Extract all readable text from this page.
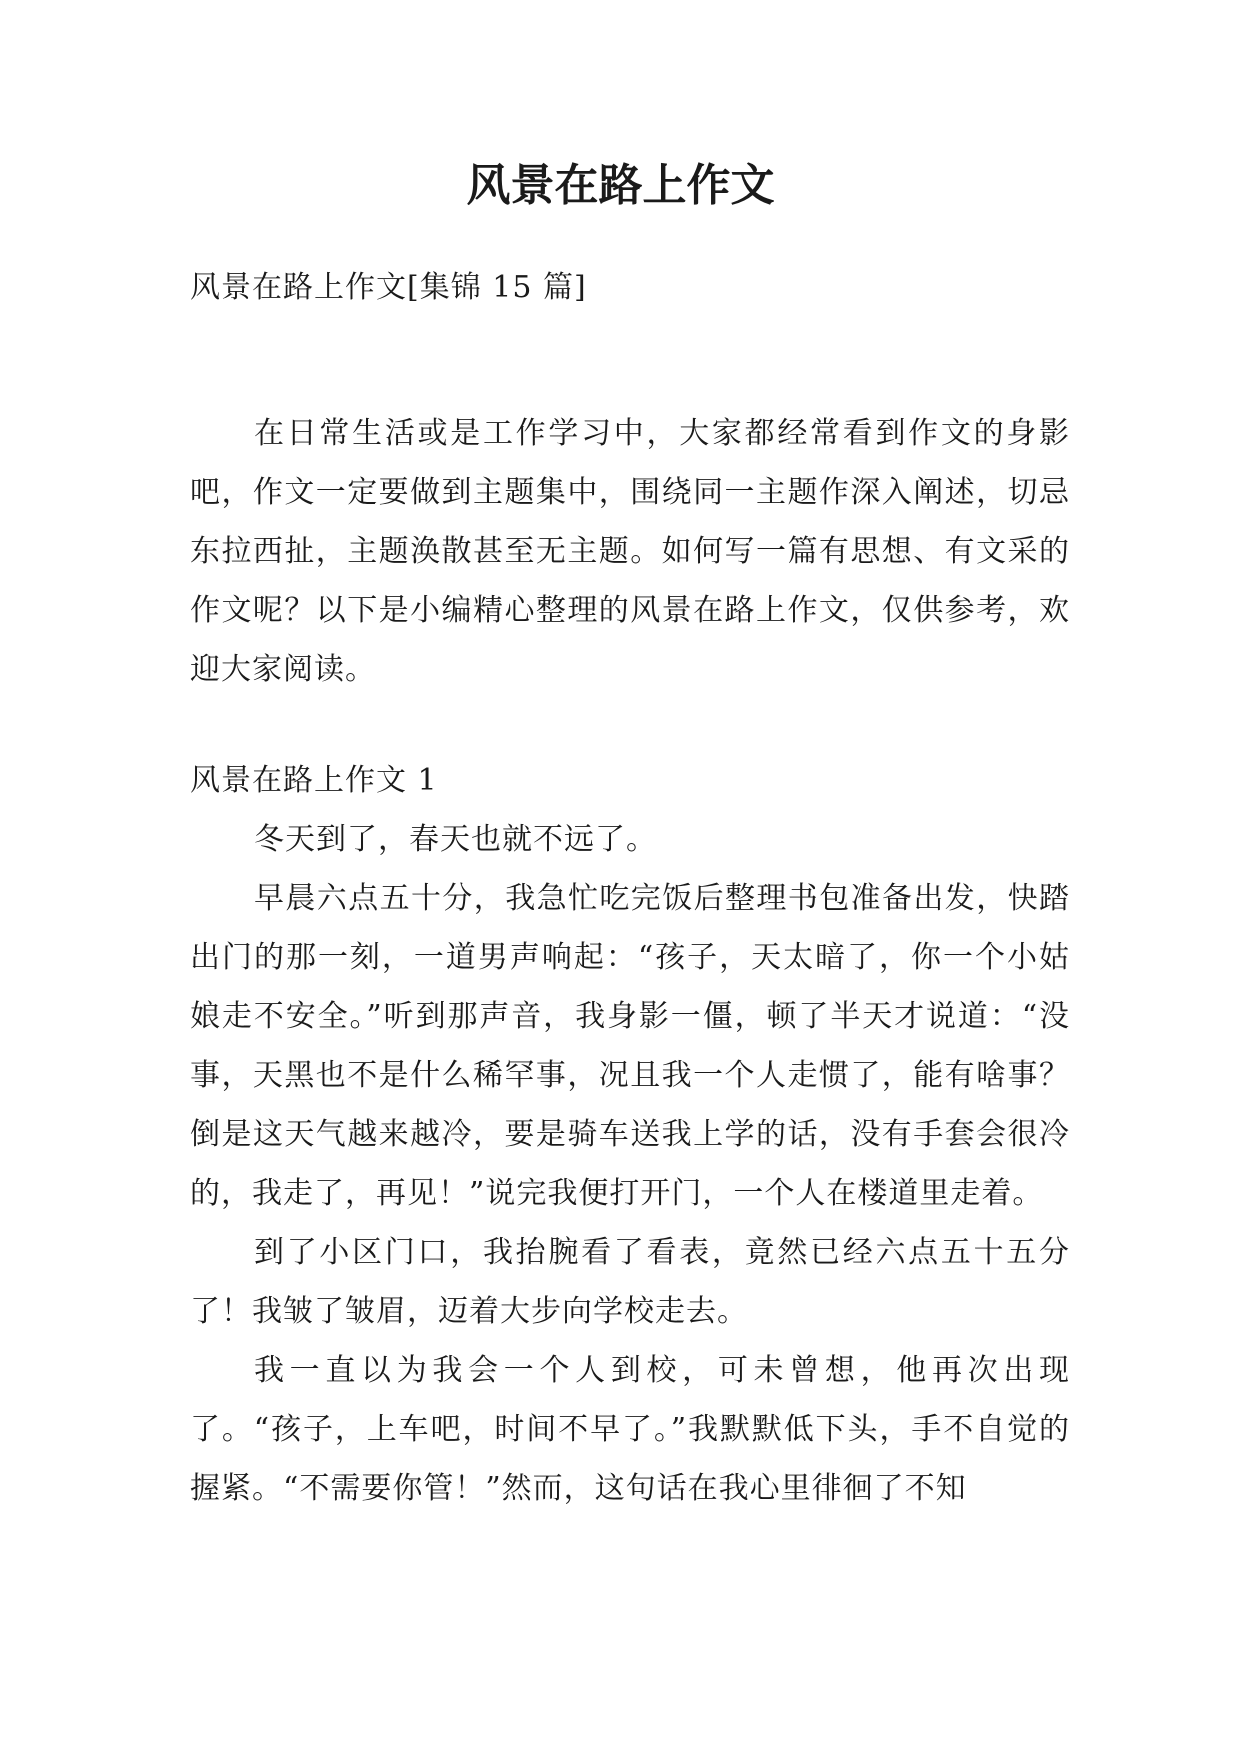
风景在路上作文

风景在路上作文[集锦 15 篇]

在日常生活或是工作学习中，大家都经常看到作文的身影吧，作文一定要做到主题集中，围绕同一主题作深入阐述，切忌东拉西扯，主题涣散甚至无主题。如何写一篇有思想、有文采的作文呢？以下是小编精心整理的风景在路上作文，仅供参考，欢迎大家阅读。

风景在路上作文 1

冬天到了，春天也就不远了。

早晨六点五十分，我急忙吃完饭后整理书包准备出发，快踏出门的那一刻，一道男声响起：“孩子，天太暗了，你一个小姑娘走不安全。”听到那声音，我身影一僵，顿了半天才说道：“没事，天黑也不是什么稀罕事，况且我一个人走惯了，能有啥事？倒是这天气越来越冷，要是骑车送我上学的话，没有手套会很冷的，我走了，再见！”说完我便打开门，一个人在楼道里走着。

到了小区门口，我抬腕看了看表，竟然已经六点五十五分了！我皱了皱眉，迈着大步向学校走去。

我一直以为我会一个人到校，可未曾想，他再次出现了。“孩子，上车吧，时间不早了。”我默默低下头，手不自觉的握紧。“不需要你管！”然而，这句话在我心里徘徊了不知
